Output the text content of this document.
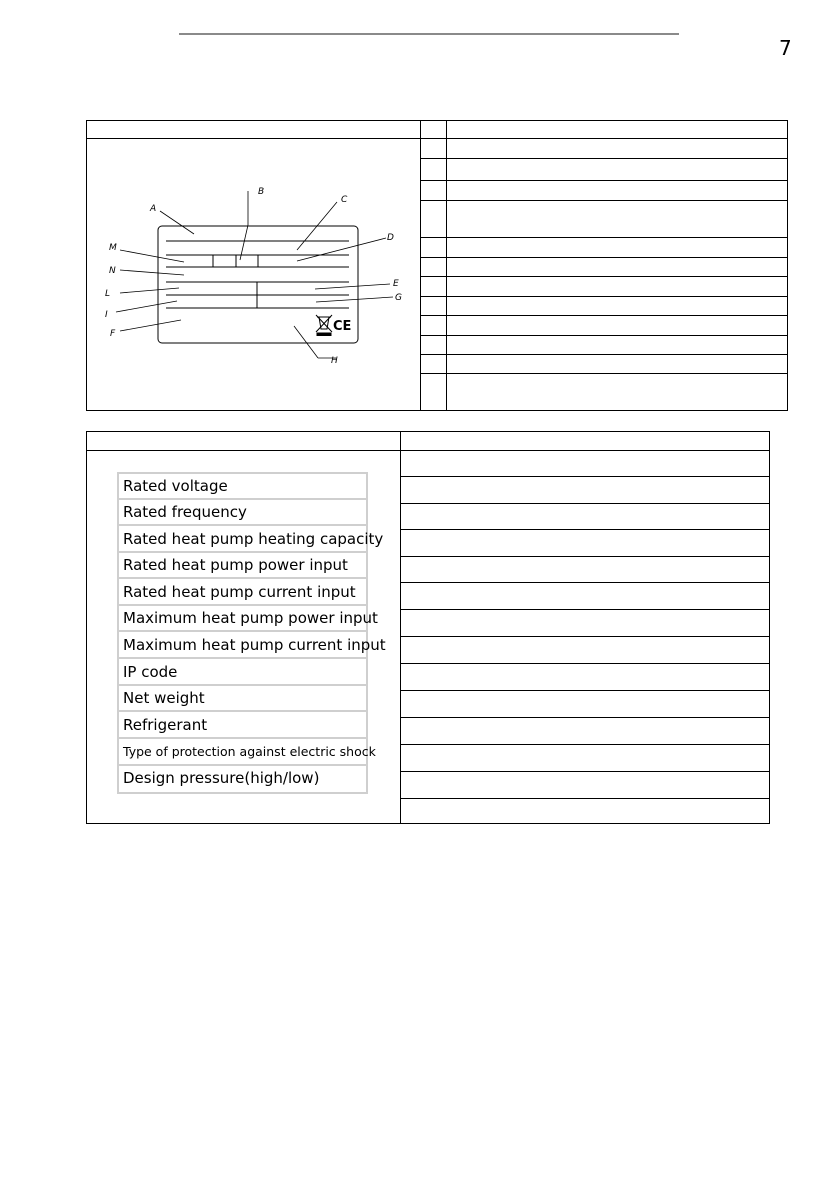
7
A
B
C
D
M
N
E
L	G
I
F
H
CE
Rated voltage
Rated frequency
Rated heat pump heating capacity
Rated heat pump power input
Rated heat pump current input
Maximum heat pump power input
Maximum heat pump current input
IP code
Net weight
Refrigerant
Type of protection against electric shock
Design pressure(high/low)
